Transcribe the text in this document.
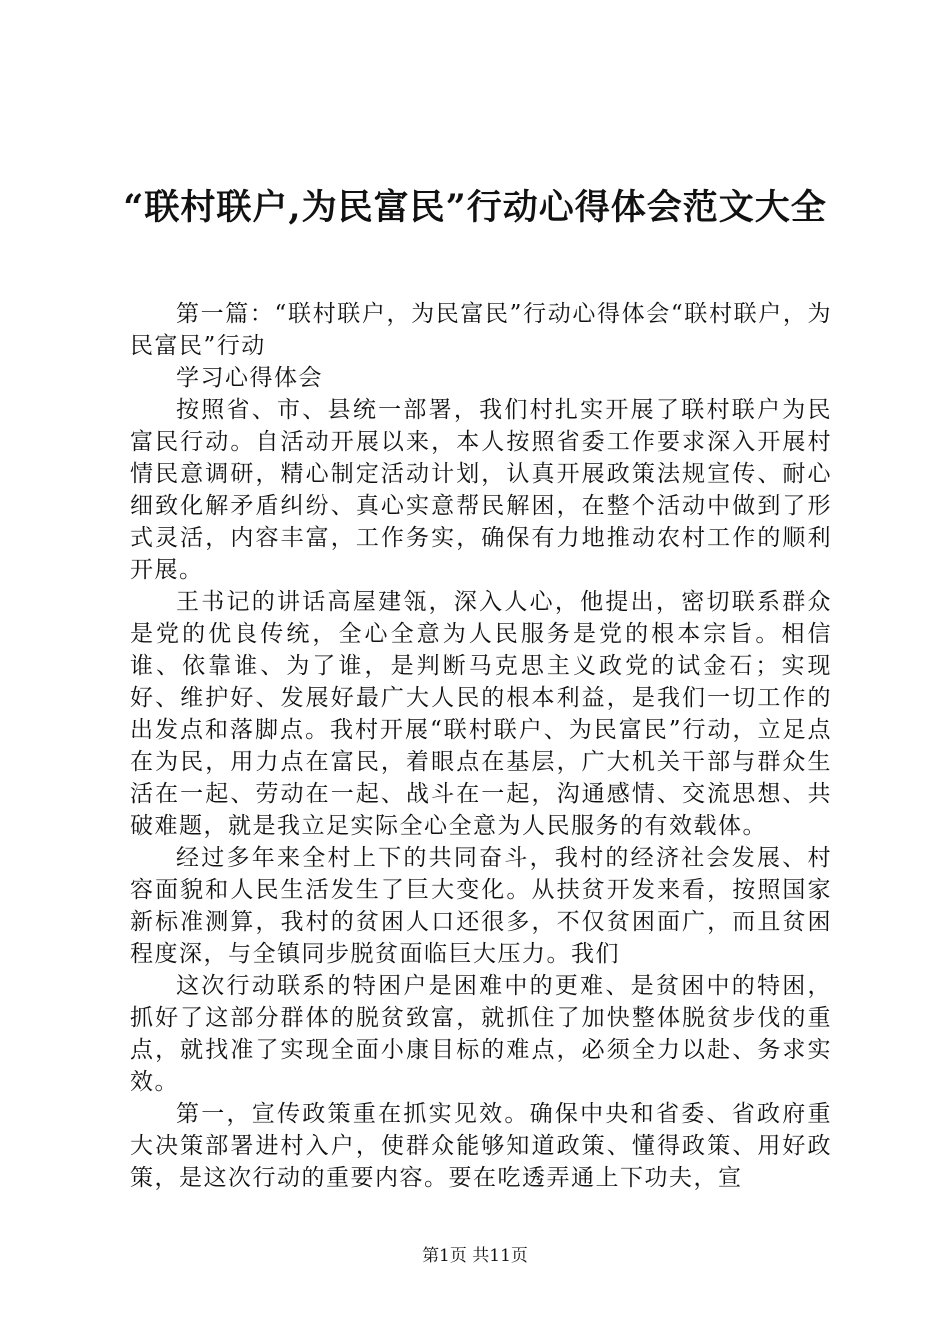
“联村联户,为民富民”行动心得体会范文大全

第一篇：“联村联户，为民富民”行动心得体会“联村联户，为民富民”行动

学习心得体会

按照省、市、县统一部署，我们村扎实开展了联村联户为民富民行动。自活动开展以来，本人按照省委工作要求深入开展村情民意调研，精心制定活动计划，认真开展政策法规宣传、耐心细致化解矛盾纠纷、真心实意帮民解困，在整个活动中做到了形式灵活，内容丰富，工作务实，确保有力地推动农村工作的顺利开展。

王书记的讲话高屋建瓴，深入人心，他提出，密切联系群众是党的优良传统，全心全意为人民服务是党的根本宗旨。相信谁、依靠谁、为了谁，是判断马克思主义政党的试金石；实现好、维护好、发展好最广大人民的根本利益，是我们一切工作的出发点和落脚点。我村开展“联村联户、为民富民”行动，立足点在为民，用力点在富民，着眼点在基层，广大机关干部与群众生活在一起、劳动在一起、战斗在一起，沟通感情、交流思想、共破难题，就是我立足实际全心全意为人民服务的有效载体。

经过多年来全村上下的共同奋斗，我村的经济社会发展、村容面貌和人民生活发生了巨大变化。从扶贫开发来看，按照国家新标准测算，我村的贫困人口还很多，不仅贫困面广，而且贫困程度深，与全镇同步脱贫面临巨大压力。我们

这次行动联系的特困户是困难中的更难、是贫困中的特困，抓好了这部分群体的脱贫致富，就抓住了加快整体脱贫步伐的重点，就找准了实现全面小康目标的难点，必须全力以赴、务求实效。

第一，宣传政策重在抓实见效。确保中央和省委、省政府重大决策部署进村入户，使群众能够知道政策、懂得政策、用好政策，是这次行动的重要内容。要在吃透弄通上下功夫，宣

第1页 共11页
